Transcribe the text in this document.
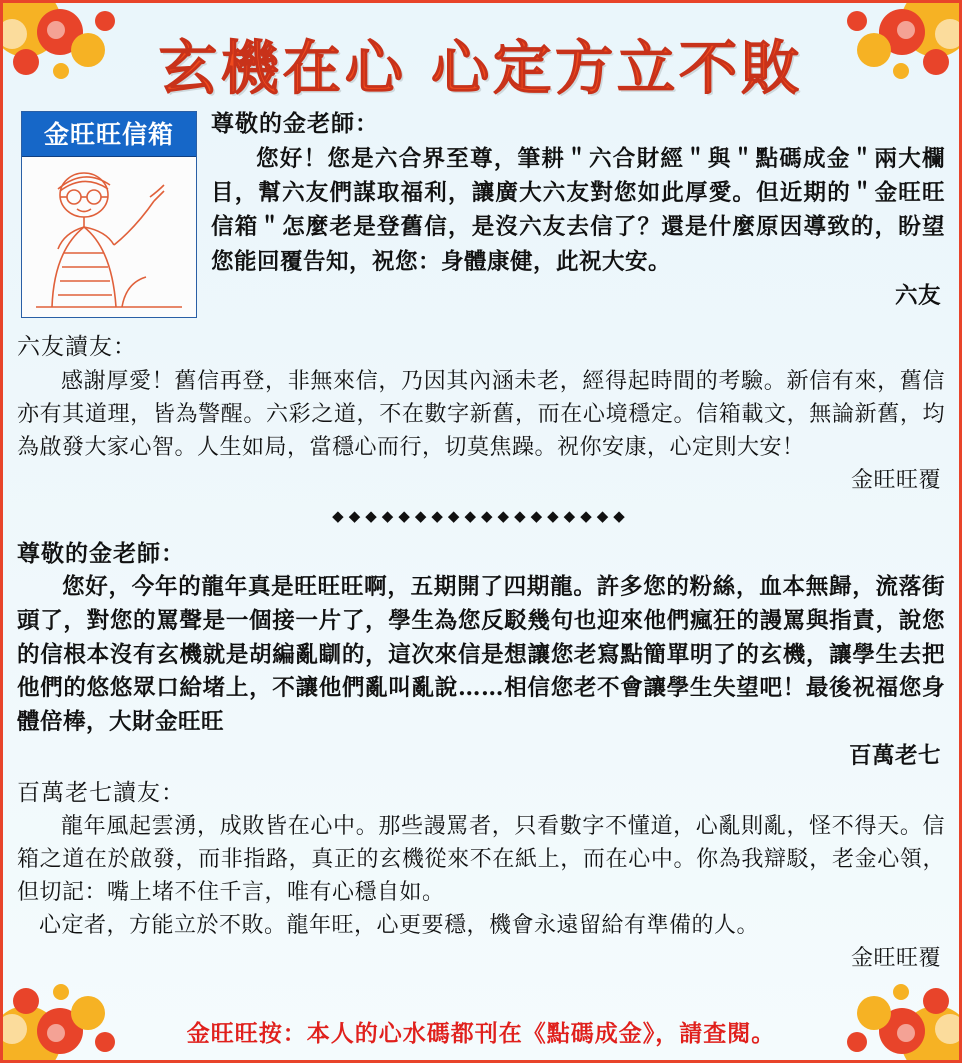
玄機在心 心定方立不敗
金旺旺信箱	尊敬的金老師：
您好！您是六合界至尊，筆耕＂六合財經＂與＂點碼成金＂兩大欄目，幫六友們謀取福利，讓廣大六友對您如此厚愛。但近期的＂金旺旺信箱＂怎麼老是登舊信，是沒六友去信了？還是什麼原因導致的，盼望您能回覆告知，祝您：身體康健，此祝大安。
六友
六友讀友：
感謝厚愛！舊信再登，非無來信，乃因其內涵未老，經得起時間的考驗。新信有來，舊信亦有其道理，皆為警醒。六彩之道，不在數字新舊，而在心境穩定。信箱載文，無論新舊，均為啟發大家心智。人生如局，當穩心而行，切莫焦躁。祝你安康，心定則大安！
金旺旺覆
◆◆◆◆◆◆◆◆◆◆◆◆◆◆◆◆◆◆
尊敬的金老師：
您好，今年的龍年真是旺旺旺啊，五期開了四期龍。許多您的粉絲，血本無歸，流落街頭了，對您的罵聲是一個接一片了，學生為您反駁幾句也迎來他們瘋狂的謾罵與指責，說您的信根本沒有玄機就是胡編亂瞓的，這次來信是想讓您老寫點簡單明了的玄機，讓學生去把他們的悠悠眾口給堵上，不讓他們亂叫亂說……相信您老不會讓學生失望吧！最後祝福您身體倍棒，大財金旺旺
百萬老七
百萬老七讀友：
龍年風起雲湧，成敗皆在心中。那些謾罵者，只看數字不懂道，心亂則亂，怪不得天。信箱之道在於啟發，而非指路，真正的玄機從來不在紙上，而在心中。你為我辯駁，老金心領，但切記：嘴上堵不住千言，唯有心穩自如。
心定者，方能立於不敗。龍年旺，心更要穩，機會永遠留給有準備的人。
金旺旺覆
金旺旺按：本人的心水碼都刊在《點碼成金》，請查閱。
